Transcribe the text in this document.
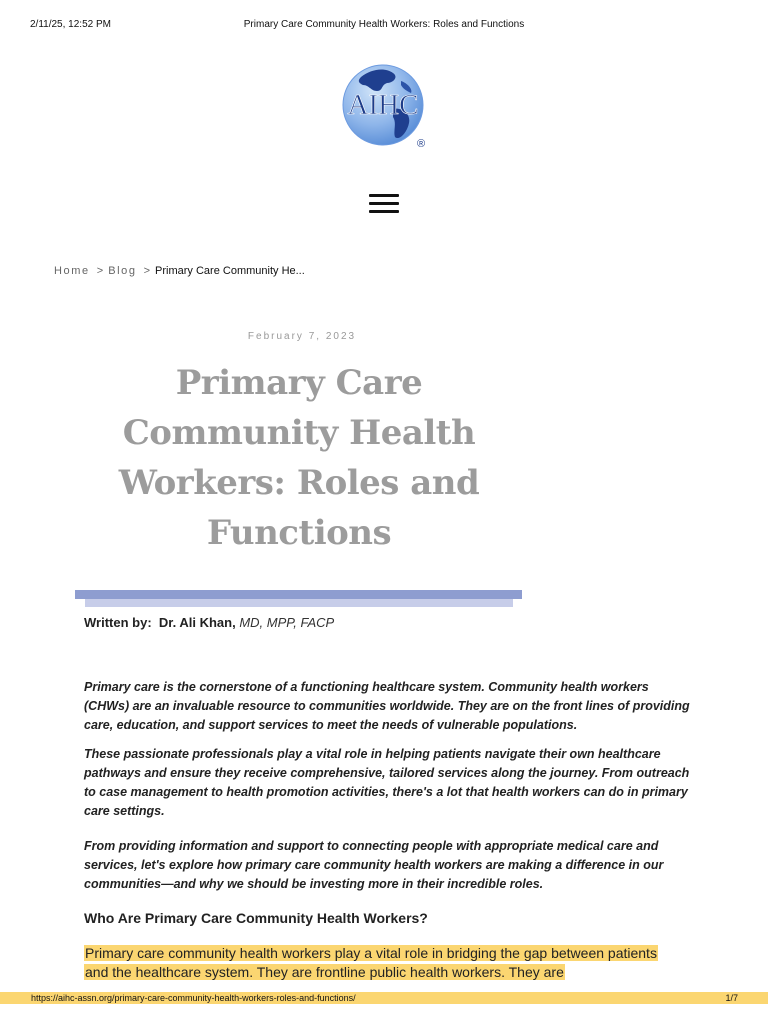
Primary Care Community Health Workers: Roles and Functions
2/11/25, 12:52 PM
AIHC
®
Home > Blog > Primary Care Community He...
February 7, 2023
Primary Care Community Health Workers: Roles and Functions
Written by: Dr. Ali Khan, MD, MPP, FACP

Primary care is the cornerstone of a functioning healthcare system. Community health workers (CHWs) are an invaluable resource to communities worldwide. They are on the front lines of providing care, education, and support services to meet the needs of vulnerable populations.

These passionate professionals play a vital role in helping patients navigate their own healthcare pathways and ensure they receive comprehensive, tailored services along the journey. From outreach to case management to health promotion activities, there's a lot that health workers can do in primary care settings.

From providing information and support to connecting people with appropriate medical care and services, let's explore how primary care community health workers are making a difference in our communities—and why we should be investing more in their incredible roles.

Who Are Primary Care Community Health Workers?

Primary care community health workers play a vital role in bridging the gap between patients and the healthcare system. They are frontline public health workers. They are

https://aihc-assn.org/primary-care-community-health-workers-roles-and-functions/	1/7
